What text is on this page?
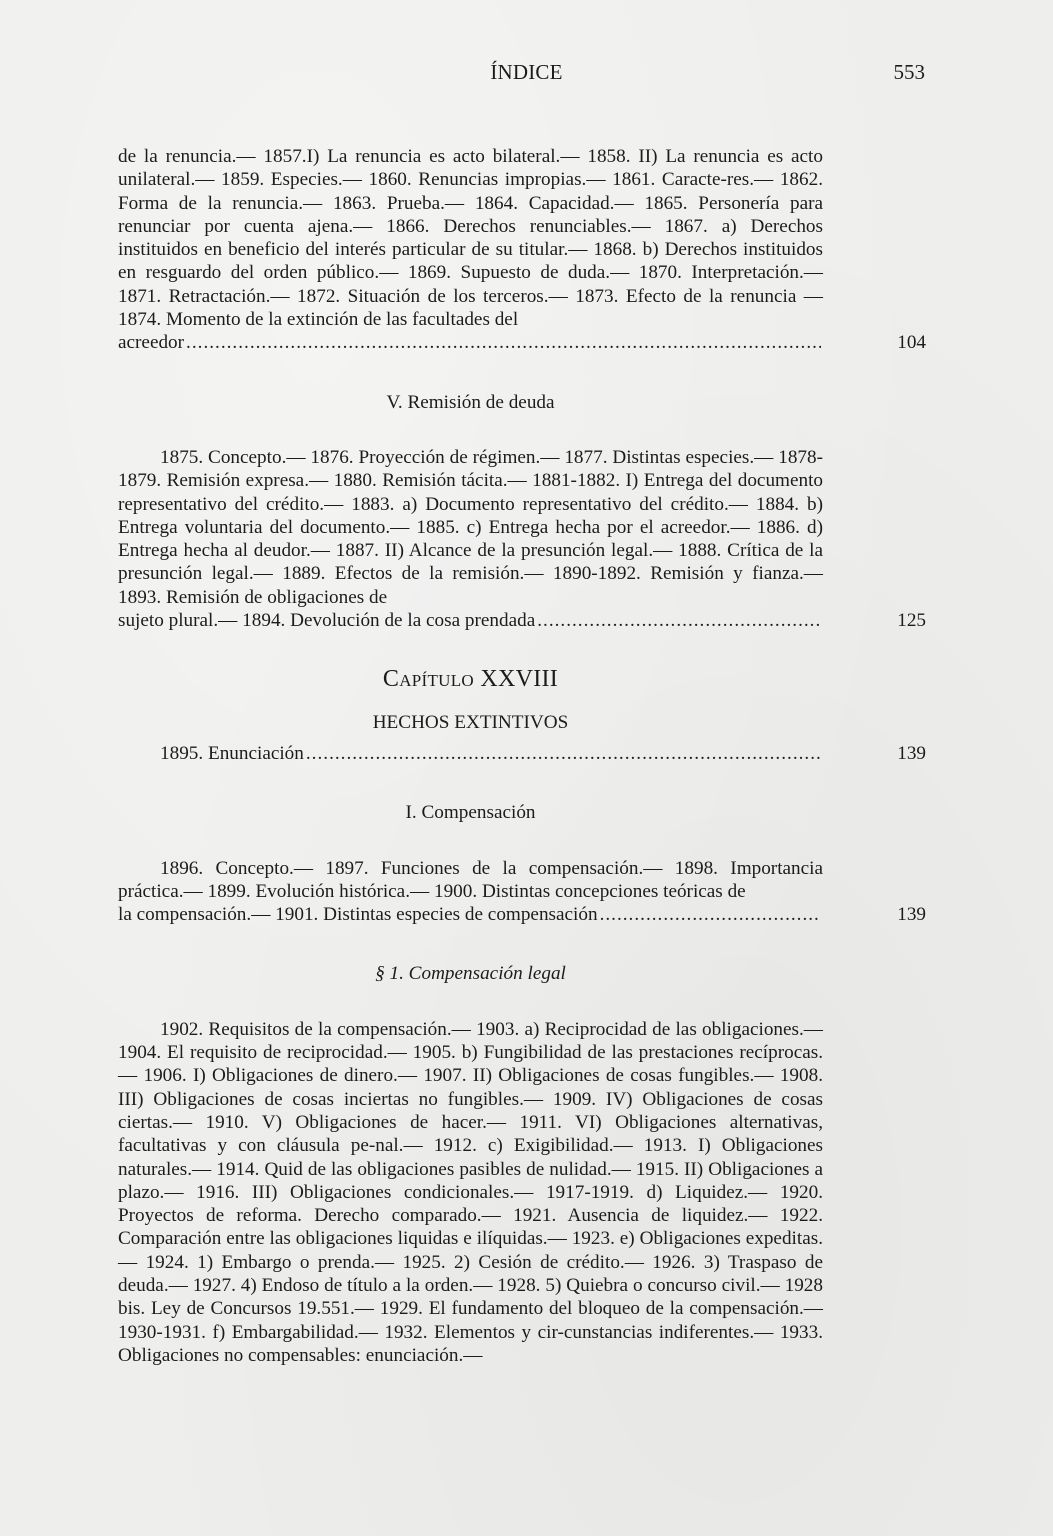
ÍNDICE	553

de la renuncia.— 1857.I) La renuncia es acto bilateral.— 1858. II) La renuncia es acto unilateral.— 1859. Especies.— 1860. Renuncias impropias.— 1861. Caracte-res.— 1862. Forma de la renuncia.— 1863. Prueba.— 1864. Capacidad.— 1865. Personería para renunciar por cuenta ajena.— 1866. Derechos renunciables.— 1867. a) Derechos instituidos en beneficio del interés particular de su titular.— 1868. b) Derechos instituidos en resguardo del orden público.— 1869. Supuesto de duda.— 1870. Interpretación.— 1871. Retractación.— 1872. Situación de los terceros.— 1873. Efecto de la renuncia — 1874. Momento de la extinción de las facultades del

acreedor .....	104

V. Remisión de deuda

1875. Concepto.— 1876. Proyección de régimen.— 1877. Distintas especies.— 1878-1879. Remisión expresa.— 1880. Remisión tácita.— 1881-1882. I) Entrega del documento representativo del crédito.— 1883. a) Documento representativo del crédito.— 1884. b) Entrega voluntaria del documento.— 1885. c) Entrega hecha por el acreedor.— 1886. d) Entrega hecha al deudor.— 1887. II) Alcance de la presunción legal.— 1888. Crítica de la presunción legal.— 1889. Efectos de la remisión.— 1890-1892. Remisión y fianza.— 1893. Remisión de obligaciones de

sujeto plural.— 1894. Devolución de la cosa prendada .....	125

Capítulo XXVIII

HECHOS EXTINTIVOS

1895. Enunciación .....	139

I. Compensación

1896. Concepto.— 1897. Funciones de la compensación.— 1898. Importancia práctica.— 1899. Evolución histórica.— 1900. Distintas concepciones teóricas de

la compensación.— 1901. Distintas especies de compensación .....	139

§ 1. Compensación legal

1902. Requisitos de la compensación.— 1903. a) Reciprocidad de las obligaciones.— 1904. El requisito de reciprocidad.— 1905. b) Fungibilidad de las prestaciones recíprocas.— 1906. I) Obligaciones de dinero.— 1907. II) Obligaciones de cosas fungibles.— 1908. III) Obligaciones de cosas inciertas no fungibles.— 1909. IV) Obligaciones de cosas ciertas.— 1910. V) Obligaciones de hacer.— 1911. VI) Obligaciones alternativas, facultativas y con cláusula pe-nal.— 1912. c) Exigibilidad.— 1913. I) Obligaciones naturales.— 1914. Quid de las obligaciones pasibles de nulidad.— 1915. II) Obligaciones a plazo.— 1916. III) Obligaciones condicionales.— 1917-1919. d) Liquidez.— 1920. Proyectos de reforma. Derecho comparado.— 1921. Ausencia de liquidez.— 1922. Comparación entre las obligaciones liquidas e ilíquidas.— 1923. e) Obligaciones expeditas.— 1924. 1) Embargo o prenda.— 1925. 2) Cesión de crédito.— 1926. 3) Traspaso de deuda.— 1927. 4) Endoso de título a la orden.— 1928. 5) Quiebra o concurso civil.— 1928 bis. Ley de Concursos 19.551.— 1929. El fundamento del bloqueo de la compensación.— 1930-1931. f) Embargabilidad.— 1932. Elementos y cir-cunstancias indiferentes.— 1933. Obligaciones no compensables: enunciación.—
